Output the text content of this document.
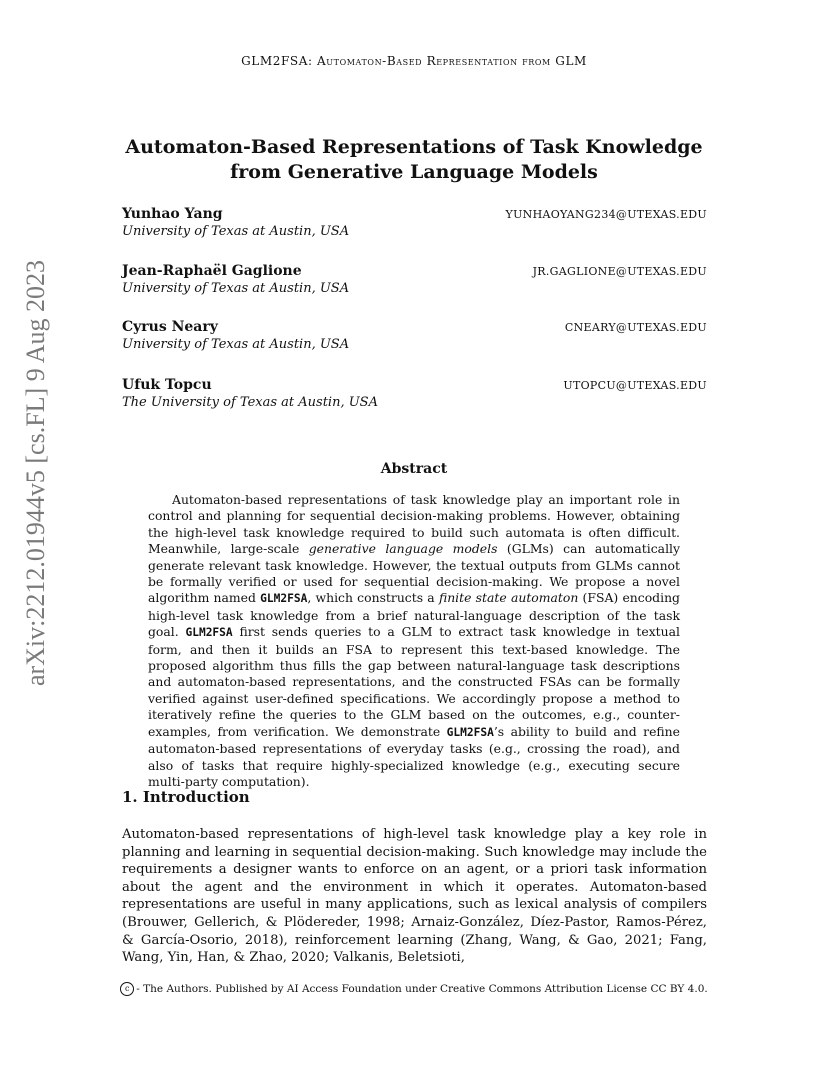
GLM2FSA: Automaton-Based Representation from GLM
arXiv:2212.01944v5 [cs.FL] 9 Aug 2023
Automaton-Based Representations of Task Knowledge
from Generative Language Models
Yunhao Yang
University of Texas at Austin, USA
YUNHAOYANG234@UTEXAS.EDU
Jean-Raphaël Gaglione
University of Texas at Austin, USA
JR.GAGLIONE@UTEXAS.EDU
Cyrus Neary
University of Texas at Austin, USA
CNEARY@UTEXAS.EDU
Ufuk Topcu
The University of Texas at Austin, USA
UTOPCU@UTEXAS.EDU
Abstract
Automaton-based representations of task knowledge play an important role in control and planning for sequential decision-making problems. However, obtaining the high-level task knowledge required to build such automata is often difficult. Meanwhile, large-scale generative language models (GLMs) can automatically generate relevant task knowledge. However, the textual outputs from GLMs cannot be formally verified or used for sequential decision-making. We propose a novel algorithm named GLM2FSA, which constructs a finite state automaton (FSA) encoding high-level task knowledge from a brief natural-language description of the task goal. GLM2FSA first sends queries to a GLM to extract task knowledge in textual form, and then it builds an FSA to represent this text-based knowledge. The proposed algorithm thus fills the gap between natural-language task descriptions and automaton-based representations, and the constructed FSAs can be formally verified against user-defined specifications. We accordingly propose a method to iteratively refine the queries to the GLM based on the outcomes, e.g., counter-examples, from verification. We demonstrate GLM2FSA’s ability to build and refine automaton-based representations of everyday tasks (e.g., crossing the road), and also of tasks that require highly-specialized knowledge (e.g., executing secure multi-party computation).
1. Introduction
Automaton-based representations of high-level task knowledge play a key role in planning and learning in sequential decision-making. Such knowledge may include the requirements a designer wants to enforce on an agent, or a priori task information about the agent and the environment in which it operates. Automaton-based representations are useful in many applications, such as lexical analysis of compilers (Brouwer, Gellerich, & Plödereder, 1998; Arnaiz-González, Díez-Pastor, Ramos-Pérez, & García-Osorio, 2018), reinforcement learning (Zhang, Wang, & Gao, 2021; Fang, Wang, Yin, Han, & Zhao, 2020; Valkanis, Beletsioti,
c - The Authors. Published by AI Access Foundation under Creative Commons Attribution License CC BY 4.0.
